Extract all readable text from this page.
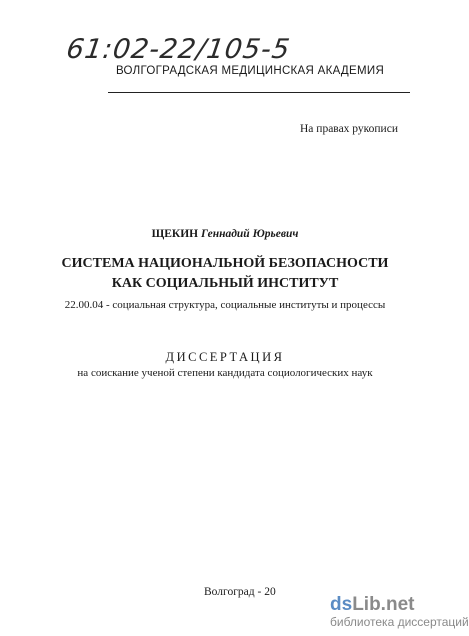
61:02-22/105-5
ВОЛГОГРАДСКАЯ МЕДИЦИНСКАЯ АКАДЕМИЯ
На правах рукописи
ЩЕКИН Геннадий Юрьевич
СИСТЕМА НАЦИОНАЛЬНОЙ БЕЗОПАСНОСТИ
КАК СОЦИАЛЬНЫЙ ИНСТИТУТ
22.00.04 - социальная структура, социальные институты и процессы
ДИССЕРТАЦИЯ
на соискание ученой степени кандидата социологических наук
Волгоград - 20
dsLib.net
библиотека диссертаций
